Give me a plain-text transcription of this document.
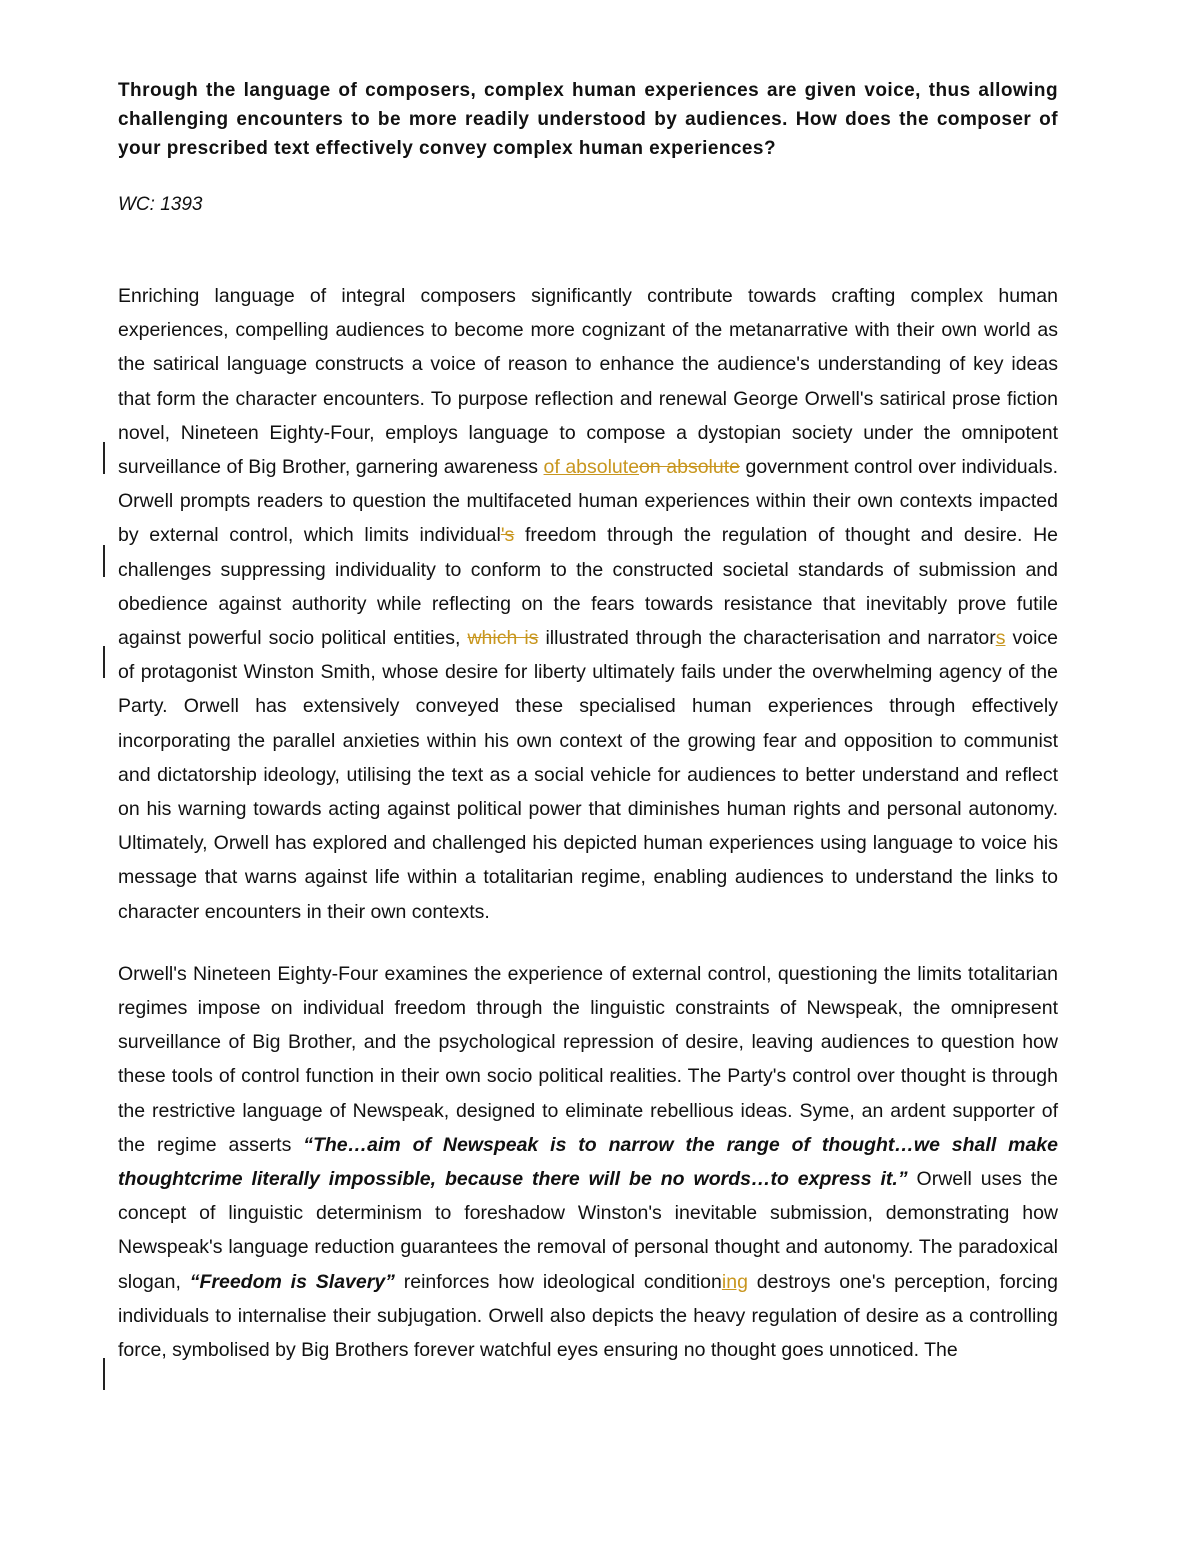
Through the language of composers, complex human experiences are given voice, thus allowing challenging encounters to be more readily understood by audiences. How does the composer of your prescribed text effectively convey complex human experiences?

WC: 1393

Enriching language of integral composers significantly contribute towards crafting complex human experiences, compelling audiences to become more cognizant of the metanarrative with their own world as the satirical language constructs a voice of reason to enhance the audience's understanding of key ideas that form the character encounters. To purpose reflection and renewal George Orwell's satirical prose fiction novel, Nineteen Eighty-Four, employs language to compose a dystopian society under the omnipotent surveillance of Big Brother, garnering awareness of absoluteon absolute government control over individuals. Orwell prompts readers to question the multifaceted human experiences within their own contexts impacted by external control, which limits individual's freedom through the regulation of thought and desire. He challenges suppressing individuality to conform to the constructed societal standards of submission and obedience against authority while reflecting on the fears towards resistance that inevitably prove futile against powerful socio political entities, which is illustrated through the characterisation and narrators voice of protagonist Winston Smith, whose desire for liberty ultimately fails under the overwhelming agency of the Party. Orwell has extensively conveyed these specialised human experiences through effectively incorporating the parallel anxieties within his own context of the growing fear and opposition to communist and dictatorship ideology, utilising the text as a social vehicle for audiences to better understand and reflect on his warning towards acting against political power that diminishes human rights and personal autonomy. Ultimately, Orwell has explored and challenged his depicted human experiences using language to voice his message that warns against life within a totalitarian regime, enabling audiences to understand the links to character encounters in their own contexts.

Orwell's Nineteen Eighty-Four examines the experience of external control, questioning the limits totalitarian regimes impose on individual freedom through the linguistic constraints of Newspeak, the omnipresent surveillance of Big Brother, and the psychological repression of desire, leaving audiences to question how these tools of control function in their own socio political realities. The Party's control over thought is through the restrictive language of Newspeak, designed to eliminate rebellious ideas. Syme, an ardent supporter of the regime asserts “The…aim of Newspeak is to narrow the range of thought…we shall make thoughtcrime literally impossible, because there will be no words…to express it.” Orwell uses the concept of linguistic determinism to foreshadow Winston's inevitable submission, demonstrating how Newspeak's language reduction guarantees the removal of personal thought and autonomy. The paradoxical slogan, “Freedom is Slavery” reinforces how ideological conditioning destroys one's perception, forcing individuals to internalise their subjugation. Orwell also depicts the heavy regulation of desire as a controlling force, symbolised by Big Brothers forever watchful eyes ensuring no thought goes unnoticed. The
